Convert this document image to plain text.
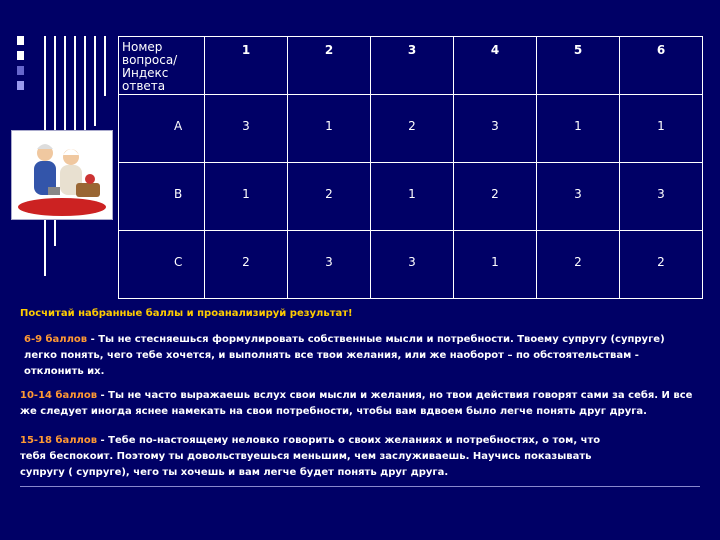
Номер вопроса/ Индекс ответа	1	2	3	4	5	6
А	3	1	2	3	1	1
В	1	2	1	2	3	3
С	2	3	3	1	2	2
Посчитай набранные баллы и проанализируй результат!
6-9 баллов - Ты не стесняешься формулировать собственные мысли и потребности. Твоему супругу (супруге) легко понять, чего тебе хочется, и выполнять все твои желания, или же наоборот – по обстоятельствам - отклонить их.
10-14 баллов - Ты не часто выражаешь вслух свои мысли и желания, но твои действия говорят сами за себя. И все же следует иногда яснее намекать на свои потребности, чтобы вам вдвоем было легче понять друг друга.
15-18 баллов - Тебе по-настоящему неловко говорить о своих желаниях и потребностях, о том, что тебя беспокоит. Поэтому ты довольствуешься меньшим, чем заслуживаешь. Научись показывать супругу ( супруге), чего ты хочешь и вам легче будет понять друг друга.
